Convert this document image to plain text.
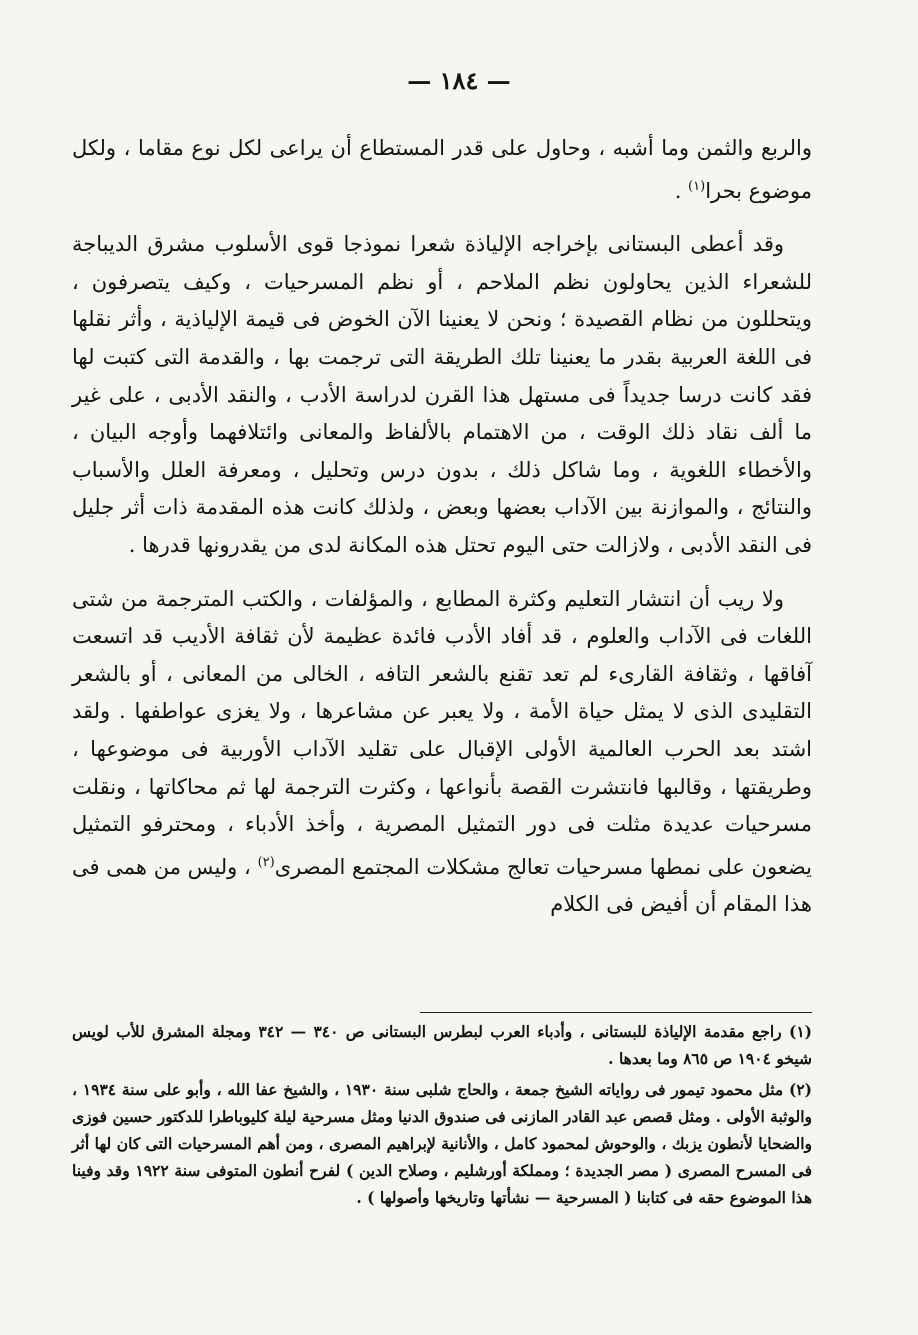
— ١٨٤ —

والربع والثمن وما أشبه ، وحاول على قدر المستطاع أن يراعى لكل نوع مقاما ، ولكل موضوع بحرا$^{(١)}$ .

وقد أعطى البستانى بإخراجه الإلياذة شعرا نموذجا قوى الأسلوب مشرق الديباجة للشعراء الذين يحاولون نظم الملاحم ، أو نظم المسرحيات ، وكيف يتصرفون ، ويتحللون من نظام القصيدة ؛ ونحن لا يعنينا الآن الخوض فى قيمة الإلياذية ، وأثر نقلها فى اللغة العربية بقدر ما يعنينا تلك الطريقة التى ترجمت بها ، والقدمة التى كتبت لها فقد كانت درسا جديداً فى مستهل هذا القرن لدراسة الأدب ، والنقد الأدبى ، على غير ما ألف نقاد ذلك الوقت ، من الاهتمام بالألفاظ والمعانى وائتلافهما وأوجه البيان ، والأخطاء اللغوية ، وما شاكل ذلك ، بدون درس وتحليل ، ومعرفة العلل والأسباب والنتائج ، والموازنة بين الآداب بعضها وبعض ، ولذلك كانت هذه المقدمة ذات أثر جليل فى النقد الأدبى ، ولازالت حتى اليوم تحتل هذه المكانة لدى من يقدرونها قدرها .

ولا ريب أن انتشار التعليم وكثرة المطابع ، والمؤلفات ، والكتب المترجمة من شتى اللغات فى الآداب والعلوم ، قد أفاد الأدب فائدة عظيمة لأن ثقافة الأديب قد اتسعت آفاقها ، وثقافة القارىء لم تعد تقنع بالشعر التافه ، الخالى من المعانى ، أو بالشعر التقليدى الذى لا يمثل حياة الأمة ، ولا يعبر عن مشاعرها ، ولا يغزى عواطفها . ولقد اشتد بعد الحرب العالمية الأولى الإقبال على تقليد الآداب الأوربية فى موضوعها ، وطريقتها ، وقالبها فانتشرت القصة بأنواعها ، وكثرت الترجمة لها ثم محاكاتها ، ونقلت مسرحيات عديدة مثلت فى دور التمثيل المصرية ، وأخذ الأدباء ، ومحترفو التمثيل يضعون على نمطها مسرحيات تعالج مشكلات المجتمع المصرى$^{(٢)}$ ، وليس من همى فى هذا المقام أن أفيض فى الكلام

(١) راجع مقدمة الإلياذة للبستانى ، وأدباء العرب لبطرس البستانى ص ٣٤٠ — ٣٤٢ ومجلة المشرق للأب لويس شيخو ١٩٠٤ ص ٨٦٥ وما بعدها .

(٢) مثل محمود تيمور فى رواياته الشيخ جمعة ، والحاج شلبى سنة ١٩٣٠ ، والشيخ عفا الله ، وأبو على سنة ١٩٣٤ ، والوثبة الأولى . ومثل قصص عبد القادر المازنى فى صندوق الدنيا ومثل مسرحية ليلة كليوباطرا للدكتور حسين فوزى والضحايا لأنطون يزبك ، والوحوش لمحمود كامل ، والأنانية لإبراهيم المصرى ، ومن أهم المسرحيات التى كان لها أثر فى المسرح المصرى ( مصر الجديدة ؛ ومملكة أورشليم ، وصلاح الدين ) لفرح أنطون المتوفى سنة ١٩٢٢ وقد وفينا هذا الموضوع حقه فى كتابنا ( المسرحية — نشأتها وتاريخها وأصولها ) .
